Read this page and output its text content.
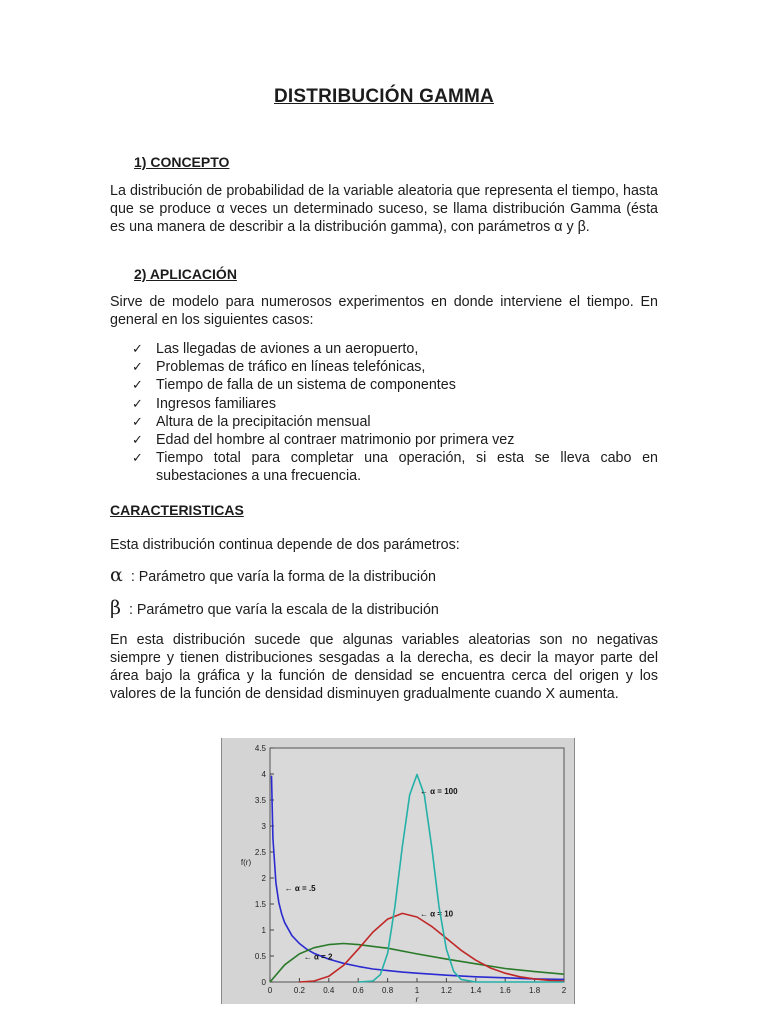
DISTRIBUCIÓN GAMMA
1) CONCEPTO
La distribución de probabilidad de la variable aleatoria que representa el tiempo, hasta que se produce α veces un determinado suceso, se llama distribución Gamma (ésta es una manera de describir a la distribución gamma), con parámetros α y β.
2) APLICACIÓN
Sirve de modelo para numerosos experimentos en donde interviene el tiempo. En general en los siguientes casos:
✓ Las llegadas de aviones a un aeropuerto,
✓ Problemas de tráfico en líneas telefónicas,
✓ Tiempo de falla de un sistema de componentes
✓ Ingresos familiares
✓ Altura de la precipitación mensual
✓ Edad del hombre al contraer matrimonio por primera vez
✓ Tiempo total para completar una operación, si esta se lleva cabo en subestaciones a una frecuencia.
CARACTERISTICAS
Esta distribución continua depende de dos parámetros:
α : Parámetro que varía la forma de la distribución
β : Parámetro que varía la escala de la distribución
En esta distribución sucede que algunas variables aleatorias son no negativas siempre y tienen distribuciones sesgadas a la derecha, es decir la mayor parte del área bajo la gráfica y la función de densidad se encuentra cerca del origen y los valores de la función de densidad disminuyen gradualmente cuando X aumenta.
0
0.5
1
1.5
2
2.5
3
3.5
4
4.5
0	0.2 0.4 0.6 0.8	1	1.2 1.4 1.6 1.8	2
r
f(r)
← α = .5
← α = 2
← α = 10
← α = 100
